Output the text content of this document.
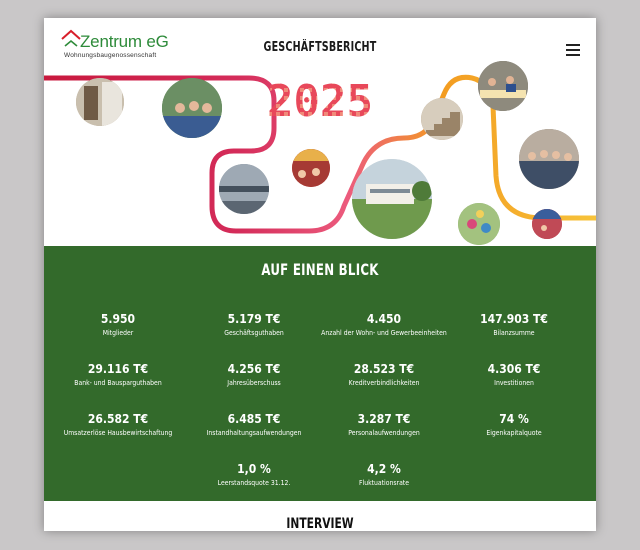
Zentrum eG
Wohnungsbaugenossenschaft
GESCHÄFTSBERICHT
2025
AUF EINEN BLICK
5.950
Mitglieder
5.179 T€
Geschäftsguthaben
4.450
Anzahl der Wohn- und Gewerbeeinheiten
147.903 T€
Bilanzsumme
29.116 T€
Bank- und Bausparguthaben
4.256 T€
Jahresüberschuss
28.523 T€
Kreditverbindlichkeiten
4.306 T€
Investitionen
26.582 T€
Umsatzerlöse Hausbewirtschaftung
6.485 T€
Instandhaltungsaufwendungen
3.287 T€
Personalaufwendungen
74 %
Eigenkapitalquote
1,0 %
Leerstandsquote 31.12.
4,2 %
Fluktuationsrate
INTERVIEW
